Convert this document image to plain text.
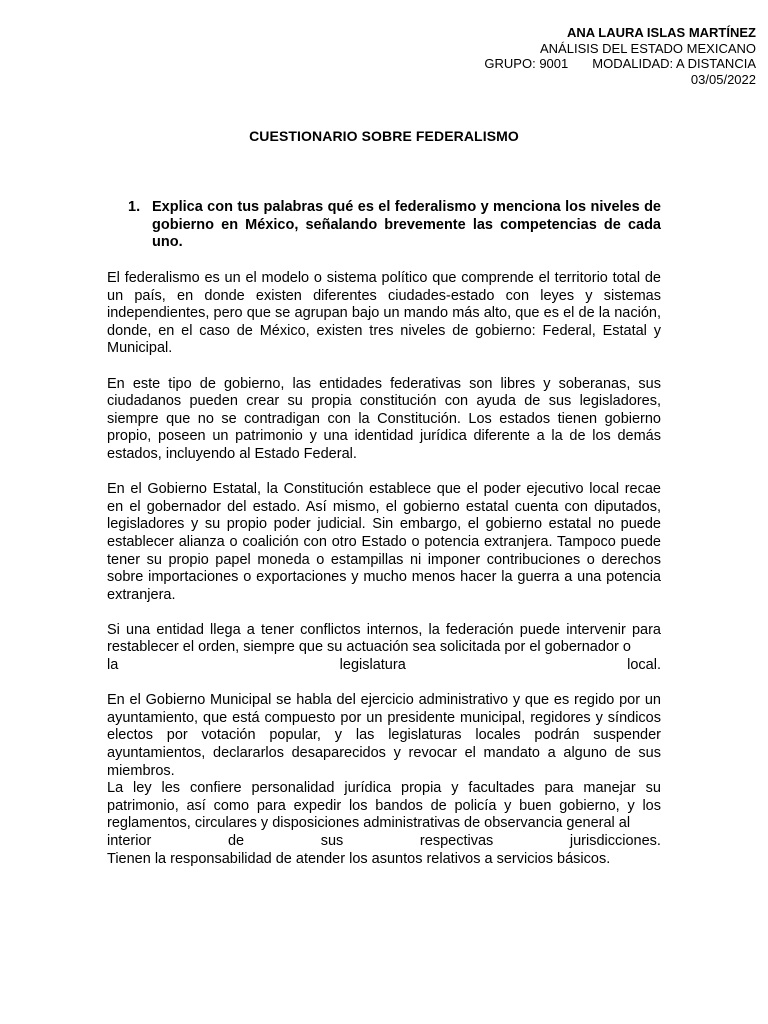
ANA LAURA ISLAS MARTÍNEZ
ANÁLISIS DEL ESTADO MEXICANO
GRUPO: 9001 MODALIDAD: A DISTANCIA
03/05/2022
CUESTIONARIO SOBRE FEDERALISMO
1. Explica con tus palabras qué es el federalismo y menciona los niveles de gobierno en México, señalando brevemente las competencias de cada uno.

El federalismo es un el modelo o sistema político que comprende el territorio total de un país, en donde existen diferentes ciudades-estado con leyes y sistemas independientes, pero que se agrupan bajo un mando más alto, que es el de la nación, donde, en el caso de México, existen tres niveles de gobierno: Federal, Estatal y Municipal.

En este tipo de gobierno, las entidades federativas son libres y soberanas, sus ciudadanos pueden crear su propia constitución con ayuda de sus legisladores, siempre que no se contradigan con la Constitución. Los estados tienen gobierno propio, poseen un patrimonio y una identidad jurídica diferente a la de los demás estados, incluyendo al Estado Federal.

En el Gobierno Estatal, la Constitución establece que el poder ejecutivo local recae en el gobernador del estado. Así mismo, el gobierno estatal cuenta con diputados, legisladores y su propio poder judicial. Sin embargo, el gobierno estatal no puede establecer alianza o coalición con otro Estado o potencia extranjera. Tampoco puede tener su propio papel moneda o estampillas ni imponer contribuciones o derechos sobre importaciones o exportaciones y mucho menos hacer la guerra a una potencia extranjera.

Si una entidad llega a tener conflictos internos, la federación puede intervenir para restablecer el orden, siempre que su actuación sea solicitada por el gobernador o
la	legislatura	local.

En el Gobierno Municipal se habla del ejercicio administrativo y que es regido por un ayuntamiento, que está compuesto por un presidente municipal, regidores y síndicos electos por votación popular, y las legislaturas locales podrán suspender ayuntamientos, declararlos desaparecidos y revocar el mandato a alguno de sus miembros.

La ley les confiere personalidad jurídica propia y facultades para manejar su patrimonio, así como para expedir los bandos de policía y buen gobierno, y los reglamentos, circulares y disposiciones administrativas de observancia general al
interior	de	sus	respectivas	jurisdicciones.

Tienen la responsabilidad de atender los asuntos relativos a servicios básicos.
